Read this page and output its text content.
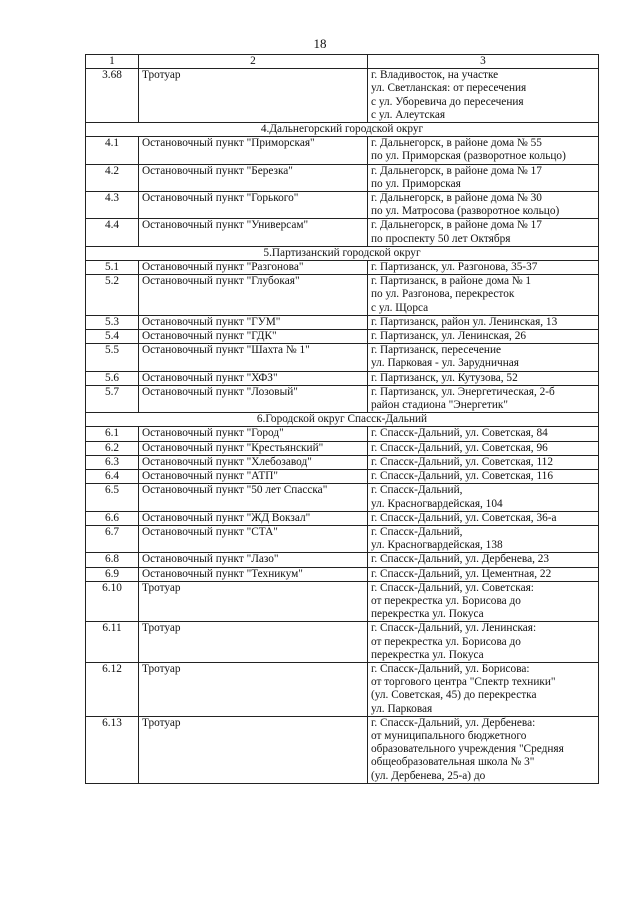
18
1	2	3
3.68	Тротуар	г. Владивосток, на участке
ул. Светланская: от пересечения
с ул. Уборевича до пересечения
с ул. Алеутская

4.Дальнегорский городской округ		
4.1	Остановочный пункт "Приморская"	г. Дальнегорск, в районе дома № 55
по ул. Приморская (разворотное кольцо)

4.2	Остановочный пункт "Березка"	г. Дальнегорск, в районе дома № 17
по ул. Приморская

4.3	Остановочный пункт "Горького"	г. Дальнегорск, в районе дома № 30
по ул. Матросова (разворотное кольцо)

4.4	Остановочный пункт "Универсам"	г. Дальнегорск, в районе дома № 17
по проспекту 50 лет Октября

5.Партизанский городской округ		
5.1	Остановочный пункт "Разгонова"	г. Партизанск, ул. Разгонова, 35-37

5.2	Остановочный пункт "Глубокая"	г. Партизанск, в районе дома № 1
по ул. Разгонова, перекресток
с ул. Щорса

5.3	Остановочный пункт "ГУМ"	г. Партизанск, район ул. Ленинская, 13

5.4	Остановочный пункт "ГДК"	г. Партизанск, ул. Ленинская, 26

5.5	Остановочный пункт "Шахта № 1"	г. Партизанск, пересечение
ул. Парковая - ул. Зарудничная

5.6	Остановочный пункт "ХФЗ"	г. Партизанск, ул. Кутузова, 52

5.7	Остановочный пункт "Лозовый"	г. Партизанск, ул. Энергетическая, 2-б
район стадиона "Энергетик"

6.Городской округ Спасск-Дальний		
6.1	Остановочный пункт "Город"	г. Спасск-Дальний, ул. Советская, 84

6.2	Остановочный пункт "Крестьянский"	г. Спасск-Дальний, ул. Советская, 96

6.3	Остановочный пункт "Хлебозавод"	г. Спасск-Дальний, ул. Советская, 112

6.4	Остановочный пункт "АТП"	г. Спасск-Дальний, ул. Советская, 116

6.5	Остановочный пункт "50 лет Спасска"	г. Спасск-Дальний,
ул. Красногвардейская, 104

6.6	Остановочный пункт "ЖД Вокзал"	г. Спасск-Дальний, ул. Советская, 36-а

6.7	Остановочный пункт "СТА"	г. Спасск-Дальний,
ул. Красногвардейская, 138

6.8	Остановочный пункт "Лазо"	г. Спасск-Дальний, ул. Дербенева, 23

6.9	Остановочный пункт "Техникум"	г. Спасск-Дальний, ул. Цементная, 22

6.10	Тротуар	г. Спасск-Дальний, ул. Советская:
от перекрестка ул. Борисова до
перекрестка ул. Покуса

6.11	Тротуар	г. Спасск-Дальний, ул. Ленинская:
от перекрестка ул. Борисова до
перекрестка ул. Покуса

6.12	Тротуар	г. Спасск-Дальний, ул. Борисова:
от торгового центра "Спектр техники"
(ул. Советская, 45) до перекрестка
ул. Парковая

6.13	Тротуар	г. Спасск-Дальний, ул. Дербенева:
от муниципального бюджетного
образовательного учреждения "Средняя
общеобразовательная школа № 3"
(ул. Дербенева, 25-а) до
